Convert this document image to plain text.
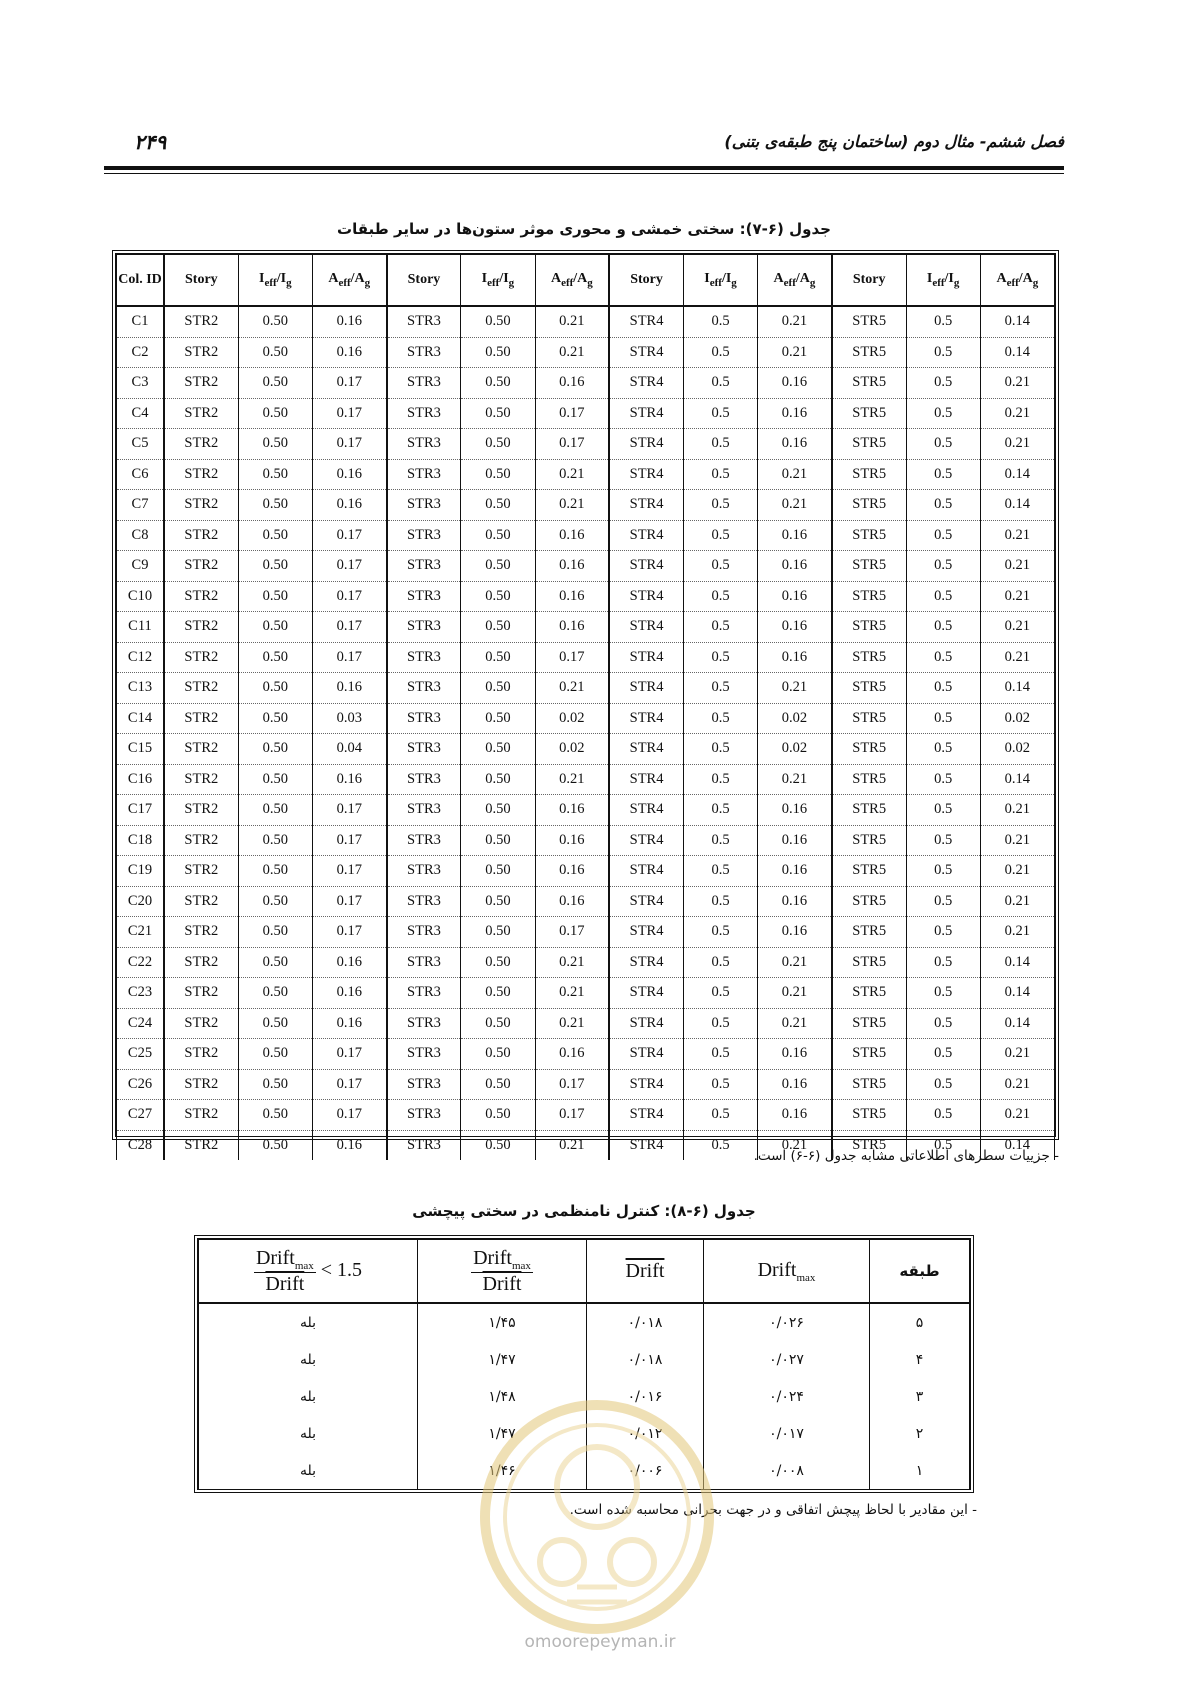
۲۴۹	فصل ششم- مثال دوم (ساختمان پنج طبقه‌ی بتنی)
جدول (۶-۷): سختی خمشی و محوری موثر ستون‌ها در سایر طبقات
Col. ID	Story	$I_{eff}/I_g$	$A_{eff}/A_g$	Story	$I_{eff}/I_g$	$A_{eff}/A_g$	Story	$I_{eff}/I_g$	$A_{eff}/A_g$	Story	$I_{eff}/I_g$	$A_{eff}/A_g$
C1	STR2	0.50	0.16	STR3	0.50	0.21	STR4	0.5	0.21	STR5	0.5	0.14
C2	STR2	0.50	0.16	STR3	0.50	0.21	STR4	0.5	0.21	STR5	0.5	0.14
C3	STR2	0.50	0.17	STR3	0.50	0.16	STR4	0.5	0.16	STR5	0.5	0.21
C4	STR2	0.50	0.17	STR3	0.50	0.17	STR4	0.5	0.16	STR5	0.5	0.21
C5	STR2	0.50	0.17	STR3	0.50	0.17	STR4	0.5	0.16	STR5	0.5	0.21
C6	STR2	0.50	0.16	STR3	0.50	0.21	STR4	0.5	0.21	STR5	0.5	0.14
C7	STR2	0.50	0.16	STR3	0.50	0.21	STR4	0.5	0.21	STR5	0.5	0.14
C8	STR2	0.50	0.17	STR3	0.50	0.16	STR4	0.5	0.16	STR5	0.5	0.21
C9	STR2	0.50	0.17	STR3	0.50	0.16	STR4	0.5	0.16	STR5	0.5	0.21
C10	STR2	0.50	0.17	STR3	0.50	0.16	STR4	0.5	0.16	STR5	0.5	0.21
C11	STR2	0.50	0.17	STR3	0.50	0.16	STR4	0.5	0.16	STR5	0.5	0.21
C12	STR2	0.50	0.17	STR3	0.50	0.17	STR4	0.5	0.16	STR5	0.5	0.21
C13	STR2	0.50	0.16	STR3	0.50	0.21	STR4	0.5	0.21	STR5	0.5	0.14
C14	STR2	0.50	0.03	STR3	0.50	0.02	STR4	0.5	0.02	STR5	0.5	0.02
C15	STR2	0.50	0.04	STR3	0.50	0.02	STR4	0.5	0.02	STR5	0.5	0.02
C16	STR2	0.50	0.16	STR3	0.50	0.21	STR4	0.5	0.21	STR5	0.5	0.14
C17	STR2	0.50	0.17	STR3	0.50	0.16	STR4	0.5	0.16	STR5	0.5	0.21
C18	STR2	0.50	0.17	STR3	0.50	0.16	STR4	0.5	0.16	STR5	0.5	0.21
C19	STR2	0.50	0.17	STR3	0.50	0.16	STR4	0.5	0.16	STR5	0.5	0.21
C20	STR2	0.50	0.17	STR3	0.50	0.16	STR4	0.5	0.16	STR5	0.5	0.21
C21	STR2	0.50	0.17	STR3	0.50	0.17	STR4	0.5	0.16	STR5	0.5	0.21
C22	STR2	0.50	0.16	STR3	0.50	0.21	STR4	0.5	0.21	STR5	0.5	0.14
C23	STR2	0.50	0.16	STR3	0.50	0.21	STR4	0.5	0.21	STR5	0.5	0.14
C24	STR2	0.50	0.16	STR3	0.50	0.21	STR4	0.5	0.21	STR5	0.5	0.14
C25	STR2	0.50	0.17	STR3	0.50	0.16	STR4	0.5	0.16	STR5	0.5	0.21
C26	STR2	0.50	0.17	STR3	0.50	0.17	STR4	0.5	0.16	STR5	0.5	0.21
C27	STR2	0.50	0.17	STR3	0.50	0.17	STR4	0.5	0.16	STR5	0.5	0.21
C28	STR2	0.50	0.16	STR3	0.50	0.21	STR4	0.5	0.21	STR5	0.5	0.14
- جزییات سطرهای اطلاعاتی مشابه جدول (۶-۶) است.
جدول (۶-۸): کنترل نامنظمی در سختی پیچشی
$\frac{Drift_{max}}{\text{Drift}} < 1.5$	$\frac{Drift_{max}}{\text{Drift}}$	Drift	Drift$_{max}$	طبقه
بله	۱/۴۵	۰/۰۱۸	۰/۰۲۶	۵
بله	۱/۴۷	۰/۰۱۸	۰/۰۲۷	۴
بله	۱/۴۸	۰/۰۱۶	۰/۰۲۴	۳
بله	۱/۴۷	۰/۰۱۲	۰/۰۱۷	۲
بله	۱/۴۶	۰/۰۰۶	۰/۰۰۸	۱
- این مقادیر با لحاظ پیچش اتفاقی و در جهت بحرانی محاسبه شده است.
omoorepeyman.ir
